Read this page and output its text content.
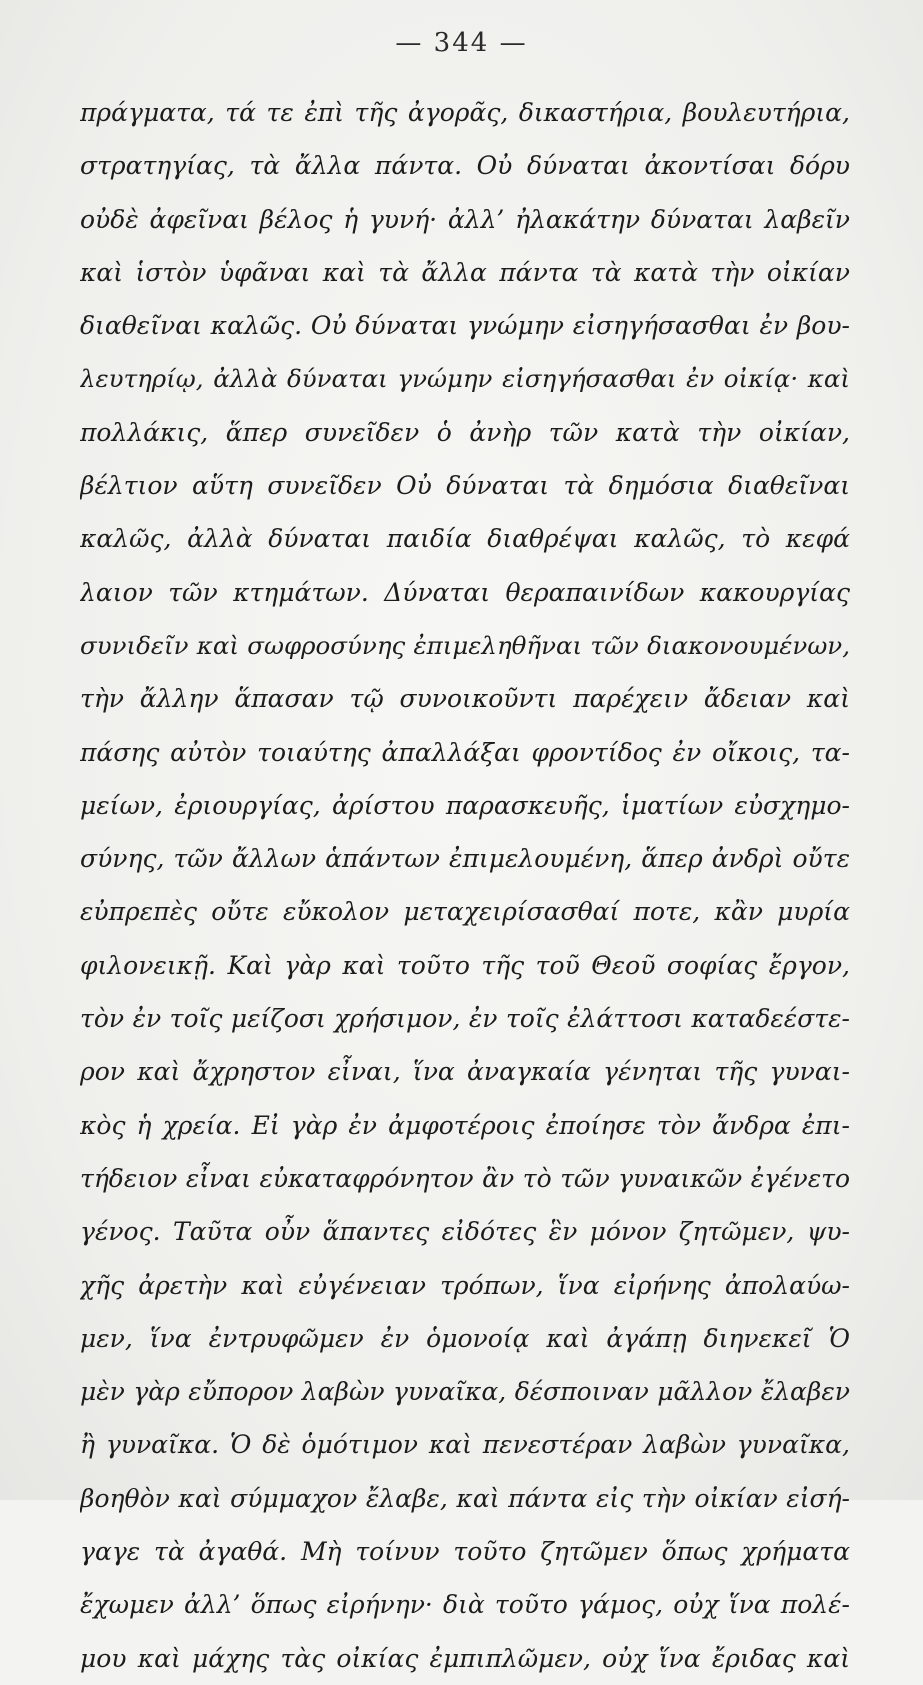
— 344 —
πράγματα, τά τε ἐπὶ τῆς ἀγορᾶς, δικαστήρια, βουλευτήρια,
στρατηγίας, τὰ ἄλλα πάντα. Οὐ δύναται ἀκοντίσαι δόρυ
οὐδὲ ἀφεῖναι βέλος ἡ γυνή· ἀλλ’ ἠλακάτην δύναται λαβεῖν
καὶ ἱστὸν ὑφᾶναι καὶ τὰ ἄλλα πάντα τὰ κατὰ τὴν οἰκίαν
διαθεῖναι καλῶς. Οὐ δύναται γνώμην εἰσηγήσασθαι ἐν βου-
λευτηρίῳ, ἀλλὰ δύναται γνώμην εἰσηγήσασθαι ἐν οἰκίᾳ· καὶ
πολλάκις, ἅπερ συνεῖδεν ὁ ἀνὴρ τῶν κατὰ τὴν οἰκίαν,
βέλτιον αὕτη συνεῖδεν Οὐ δύναται τὰ δημόσια διαθεῖναι
καλῶς, ἀλλὰ δύναται παιδία διαθρέψαι καλῶς, τὸ κεφά
λαιον τῶν κτημάτων. Δύναται θεραπαινίδων κακουργίας
συνιδεῖν καὶ σωφροσύνης ἐπιμεληθῆναι τῶν διακονουμένων,
τὴν ἄλλην ἅπασαν τῷ συνοικοῦντι παρέχειν ἄδειαν καὶ
πάσης αὐτὸν τοιαύτης ἀπαλλάξαι φροντίδος ἐν οἴκοις, τα-
μείων, ἐριουργίας, ἀρίστου παρασκευῆς, ἱματίων εὐσχημο-
σύνης, τῶν ἄλλων ἁπάντων ἐπιμελουμένη, ἅπερ ἀνδρὶ οὔτε
εὐπρεπὲς οὔτε εὔκολον μεταχειρίσασθαί ποτε, κἂν μυρία
φιλονεικῇ. Καὶ γὰρ καὶ τοῦτο τῆς τοῦ Θεοῦ σοφίας ἔργον,
τὸν ἐν τοῖς μείζοσι χρήσιμον, ἐν τοῖς ἐλάττοσι καταδεέστε-
ρον καὶ ἄχρηστον εἶναι, ἵνα ἀναγκαία γένηται τῆς γυναι-
κὸς ἡ χρεία. Εἰ γὰρ ἐν ἀμφοτέροις ἐποίησε τὸν ἄνδρα ἐπι-
τήδειον εἶναι εὐκαταφρόνητον ἂν τὸ τῶν γυναικῶν ἐγένετο
γένος. Ταῦτα οὖν ἅπαντες εἰδότες ἓν μόνον ζητῶμεν, ψυ-
χῆς ἀρετὴν καὶ εὐγένειαν τρόπων, ἵνα εἰρήνης ἀπολαύω-
μεν, ἵνα ἐντρυφῶμεν ἐν ὁμονοίᾳ καὶ ἀγάπῃ διηνεκεῖ Ὁ
μὲν γὰρ εὔπορον λαβὼν γυναῖκα, δέσποιναν μᾶλλον ἔλαβεν
ἢ γυναῖκα. Ὁ δὲ ὁμότιμον καὶ πενεστέραν λαβὼν γυναῖκα,
βοηθὸν καὶ σύμμαχον ἔλαβε, καὶ πάντα εἰς τὴν οἰκίαν εἰσή-
γαγε τὰ ἀγαθά. Μὴ τοίνυν τοῦτο ζητῶμεν ὅπως χρήματα
ἔχωμεν ἀλλ’ ὅπως εἰρήνην· διὰ τοῦτο γάμος, οὐχ ἵνα πολέ-
μου καὶ μάχης τὰς οἰκίας ἐμπιπλῶμεν, οὐχ ἵνα ἔριδας καὶ
